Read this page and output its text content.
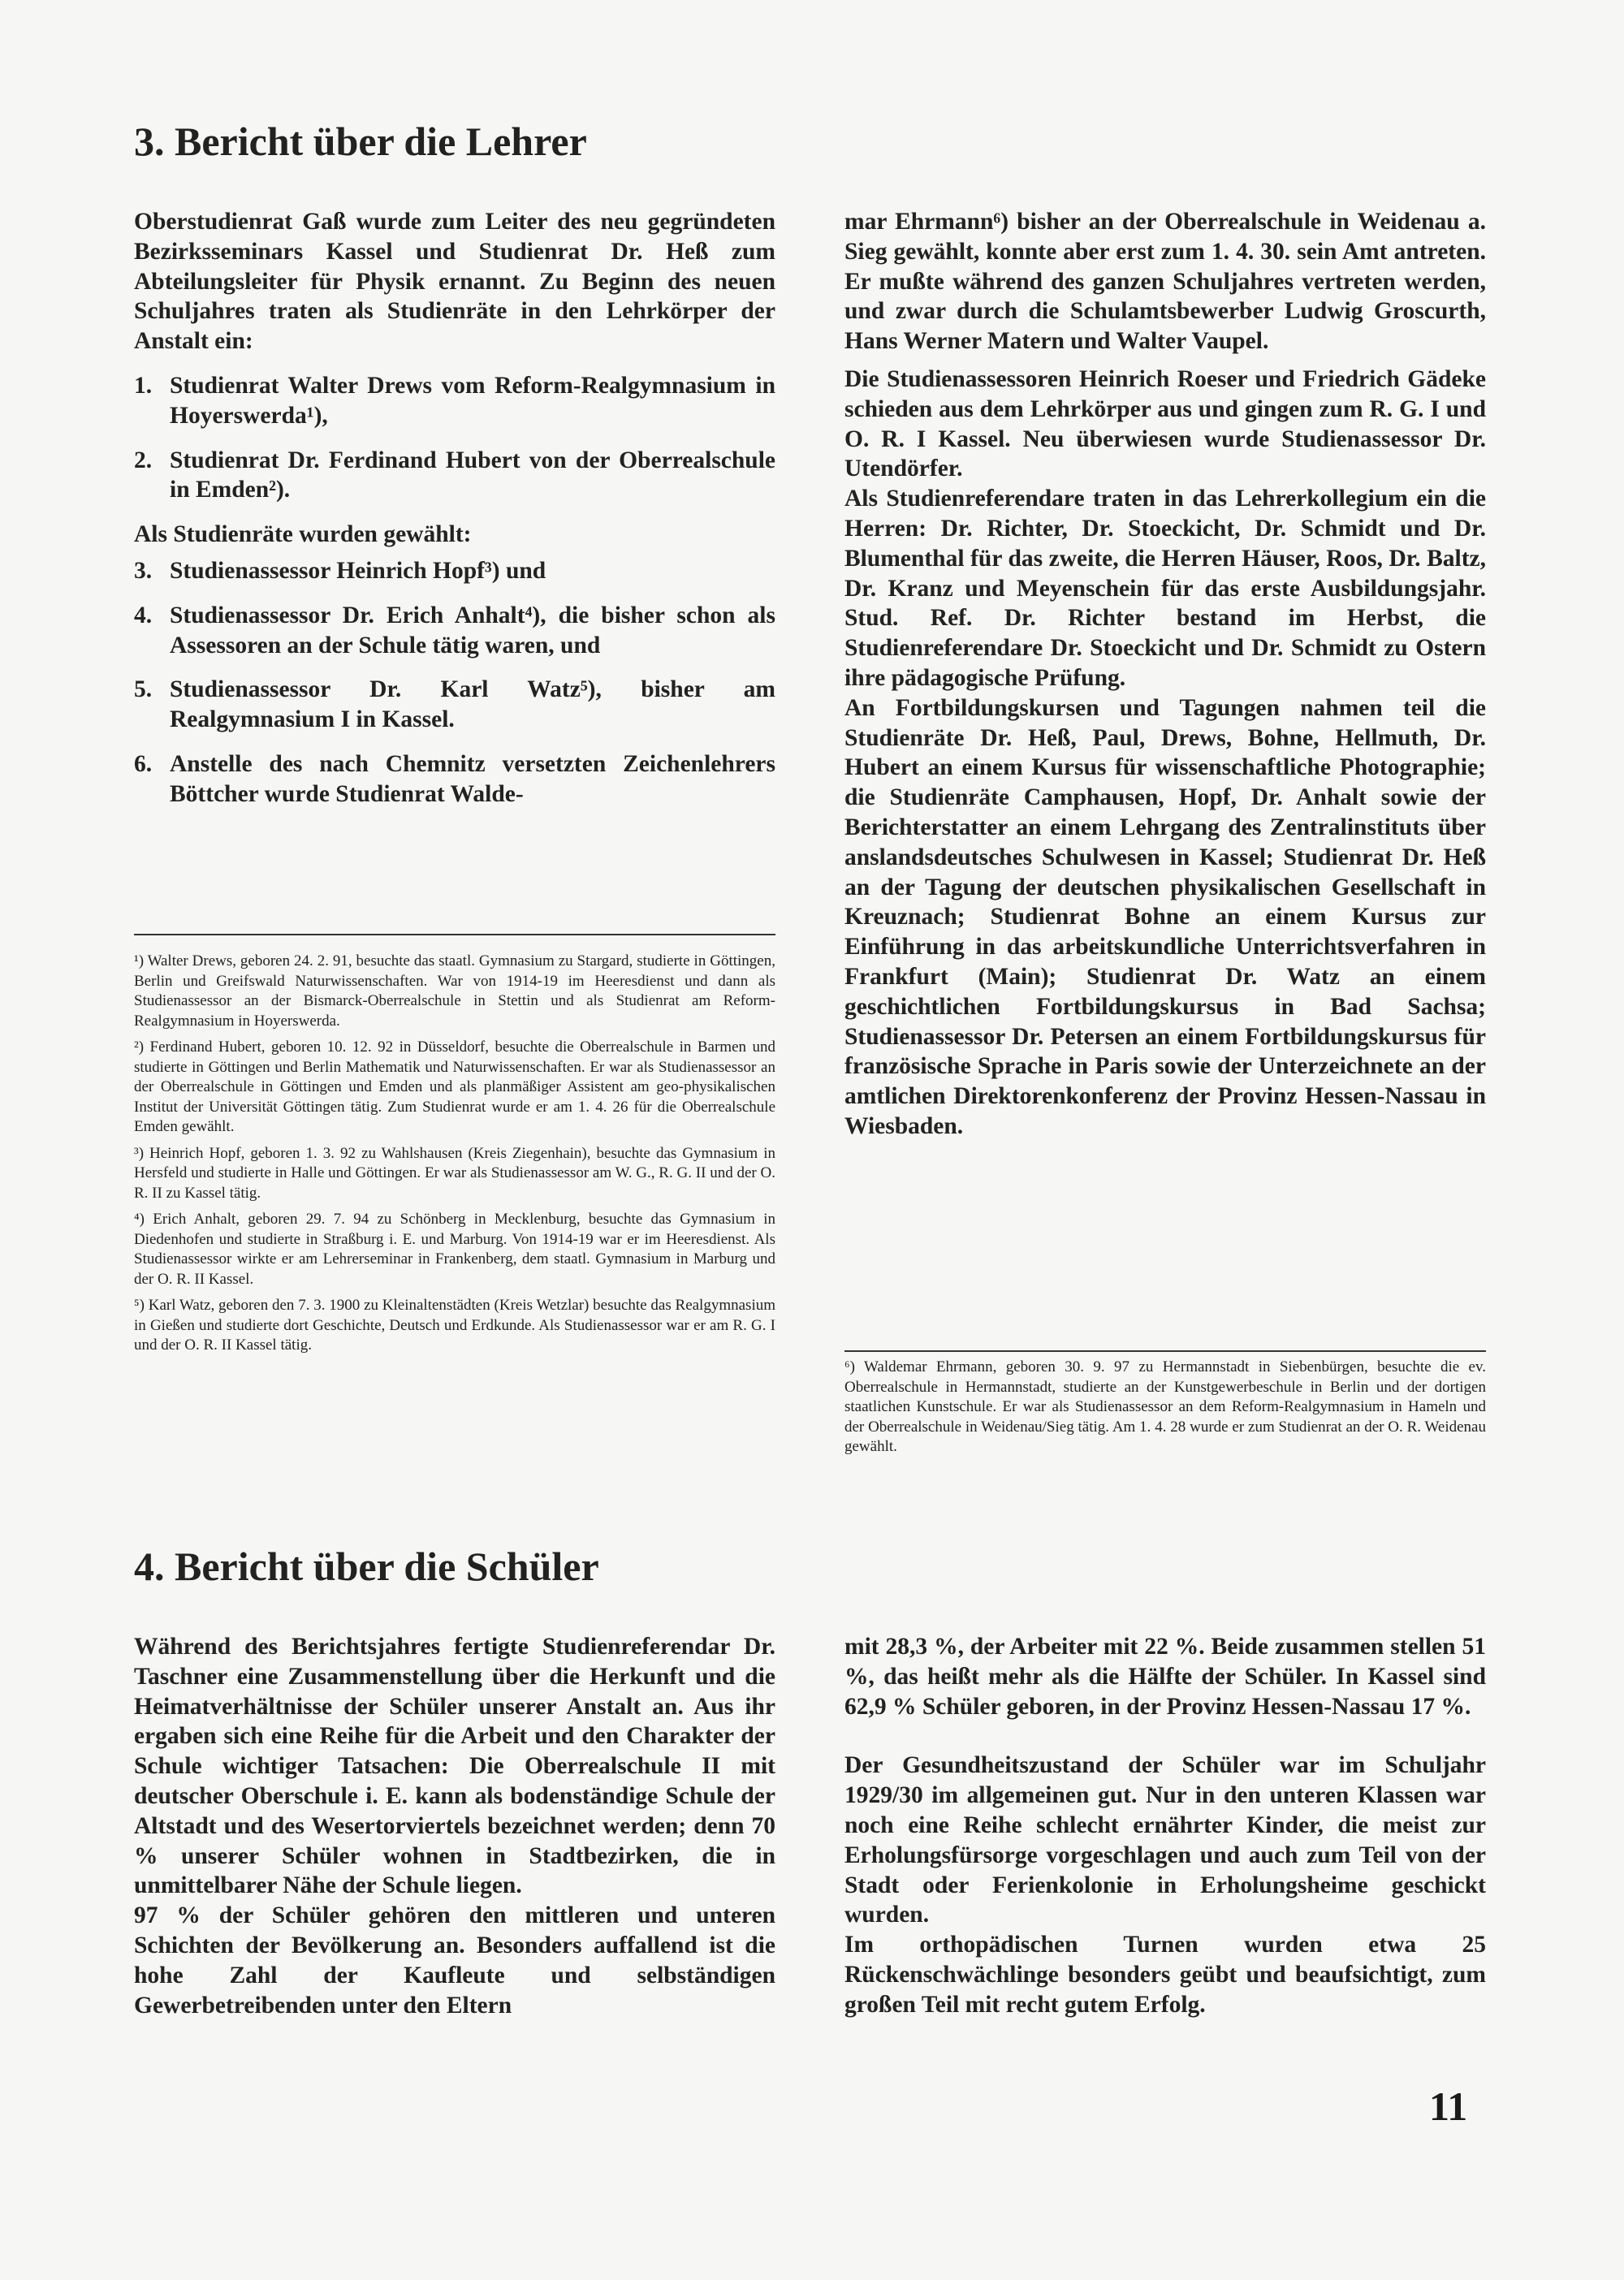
3. Bericht über die Lehrer

Oberstudienrat Gaß wurde zum Leiter des neu gegründeten Bezirksseminars Kassel und Studienrat Dr. Heß zum Abteilungsleiter für Physik ernannt. Zu Beginn des neuen Schuljahres traten als Studienräte in den Lehrkörper der Anstalt ein:

1. Studienrat Walter Drews vom Reform-Realgymnasium in Hoyerswerda¹),
2. Studienrat Dr. Ferdinand Hubert von der Oberrealschule in Emden²).

Als Studienräte wurden gewählt:

3. Studienassessor Heinrich Hopf³) und
4. Studienassessor Dr. Erich Anhalt⁴), die bisher schon als Assessoren an der Schule tätig waren, und
5. Studienassessor Dr. Karl Watz⁵), bisher am Realgymnasium I in Kassel.
6. Anstelle des nach Chemnitz versetzten Zeichenlehrers Böttcher wurde Studienrat Walde-

¹) Walter Drews, geboren 24. 2. 91, besuchte das staatl. Gymnasium zu Stargard, studierte in Göttingen, Berlin und Greifswald Naturwissenschaften. War von 1914-19 im Heeresdienst und dann als Studienassessor an der Bismarck-Oberrealschule in Stettin und als Studienrat am Reform-Realgymnasium in Hoyerswerda.

²) Ferdinand Hubert, geboren 10. 12. 92 in Düsseldorf, besuchte die Oberrealschule in Barmen und studierte in Göttingen und Berlin Mathematik und Naturwissenschaften. Er war als Studienassessor an der Oberrealschule in Göttingen und Emden und als planmäßiger Assistent am geo-physikalischen Institut der Universität Göttingen tätig. Zum Studienrat wurde er am 1. 4. 26 für die Oberrealschule Emden gewählt.

³) Heinrich Hopf, geboren 1. 3. 92 zu Wahlshausen (Kreis Ziegenhain), besuchte das Gymnasium in Hersfeld und studierte in Halle und Göttingen. Er war als Studienassessor am W. G., R. G. II und der O. R. II zu Kassel tätig.

⁴) Erich Anhalt, geboren 29. 7. 94 zu Schönberg in Mecklenburg, besuchte das Gymnasium in Diedenhofen und studierte in Straßburg i. E. und Marburg. Von 1914-19 war er im Heeresdienst. Als Studienassessor wirkte er am Lehrerseminar in Frankenberg, dem staatl. Gymnasium in Marburg und der O. R. II Kassel.

⁵) Karl Watz, geboren den 7. 3. 1900 zu Kleinaltenstädten (Kreis Wetzlar) besuchte das Realgymnasium in Gießen und studierte dort Geschichte, Deutsch und Erdkunde. Als Studienassessor war er am R. G. I und der O. R. II Kassel tätig.

mar Ehrmann⁶) bisher an der Oberrealschule in Weidenau a. Sieg gewählt, konnte aber erst zum 1. 4. 30. sein Amt antreten. Er mußte während des ganzen Schuljahres vertreten werden, und zwar durch die Schulamtsbewerber Ludwig Groscurth, Hans Werner Matern und Walter Vaupel.

Die Studienassessoren Heinrich Roeser und Friedrich Gädeke schieden aus dem Lehrkörper aus und gingen zum R. G. I und O. R. I Kassel. Neu überwiesen wurde Studienassessor Dr. Utendörfer.

Als Studienreferendare traten in das Lehrerkollegium ein die Herren: Dr. Richter, Dr. Stoeckicht, Dr. Schmidt und Dr. Blumenthal für das zweite, die Herren Häuser, Roos, Dr. Baltz, Dr. Kranz und Meyenschein für das erste Ausbildungsjahr. Stud. Ref. Dr. Richter bestand im Herbst, die Studienreferendare Dr. Stoeckicht und Dr. Schmidt zu Ostern ihre pädagogische Prüfung.

An Fortbildungskursen und Tagungen nahmen teil die Studienräte Dr. Heß, Paul, Drews, Bohne, Hellmuth, Dr. Hubert an einem Kursus für wissenschaftliche Photographie; die Studienräte Camphausen, Hopf, Dr. Anhalt sowie der Berichterstatter an einem Lehrgang des Zentralinstituts über anslandsdeutsches Schulwesen in Kassel; Studienrat Dr. Heß an der Tagung der deutschen physikalischen Gesellschaft in Kreuznach; Studienrat Bohne an einem Kursus zur Einführung in das arbeitskundliche Unterrichtsverfahren in Frankfurt (Main); Studienrat Dr. Watz an einem geschichtlichen Fortbildungskursus in Bad Sachsa; Studienassessor Dr. Petersen an einem Fortbildungskursus für französische Sprache in Paris sowie der Unterzeichnete an der amtlichen Direktorenkonferenz der Provinz Hessen-Nassau in Wiesbaden.

⁶) Waldemar Ehrmann, geboren 30. 9. 97 zu Hermannstadt in Siebenbürgen, besuchte die ev. Oberrealschule in Hermannstadt, studierte an der Kunstgewerbeschule in Berlin und der dortigen staatlichen Kunstschule. Er war als Studienassessor an dem Reform-Realgymnasium in Hameln und der Oberrealschule in Weidenau/Sieg tätig. Am 1. 4. 28 wurde er zum Studienrat an der O. R. Weidenau gewählt.

4. Bericht über die Schüler

Während des Berichtsjahres fertigte Studienreferendar Dr. Taschner eine Zusammenstellung über die Herkunft und die Heimatverhältnisse der Schüler unserer Anstalt an. Aus ihr ergaben sich eine Reihe für die Arbeit und den Charakter der Schule wichtiger Tatsachen: Die Oberrealschule II mit deutscher Oberschule i. E. kann als bodenständige Schule der Altstadt und des Wesertorviertels bezeichnet werden; denn 70 % unserer Schüler wohnen in Stadtbezirken, die in unmittelbarer Nähe der Schule liegen.

97 % der Schüler gehören den mittleren und unteren Schichten der Bevölkerung an. Besonders auffallend ist die hohe Zahl der Kaufleute und selbständigen Gewerbetreibenden unter den Eltern

mit 28,3 %, der Arbeiter mit 22 %. Beide zusammen stellen 51 %, das heißt mehr als die Hälfte der Schüler. In Kassel sind 62,9 % Schüler geboren, in der Provinz Hessen-Nassau 17 %.

Der Gesundheitszustand der Schüler war im Schuljahr 1929/30 im allgemeinen gut. Nur in den unteren Klassen war noch eine Reihe schlecht ernährter Kinder, die meist zur Erholungsfürsorge vorgeschlagen und auch zum Teil von der Stadt oder Ferienkolonie in Erholungsheime geschickt wurden.

Im orthopädischen Turnen wurden etwa 25 Rückenschwächlinge besonders geübt und beaufsichtigt, zum großen Teil mit recht gutem Erfolg.

11
